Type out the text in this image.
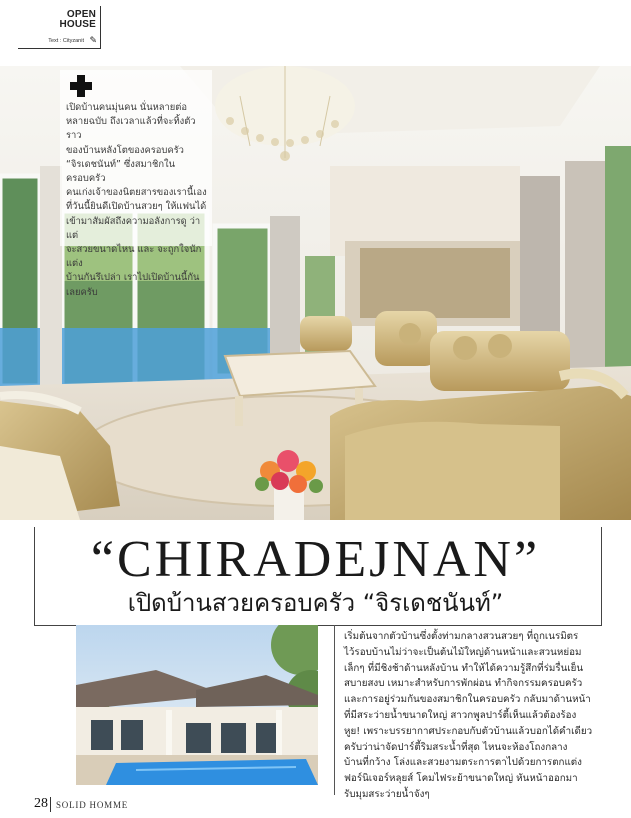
OPEN
HOUSE
Text : Cityzanit ✎
เปิดบ้านคนมุ่นคน นั่นหลายต่อ
หลายฉบับ ถึงเวลาแล้วที่จะทิ้งตัวราว
ของบ้านหลังโตของครอบครัว
“จิรเดชนันท์” ซึ่งสมาชิกในครอบครัว
คนเก่งเจ้าของนิตยสารของเรานี้เอง
ที่วันนี้ยินดีเปิดบ้านสวยๆ ให้แฟนได้
เข้ามาสัมผัสถึงความอลังการดู ว่าแต่
จะสวยขนาดไหน และ จะถูกใจนักแต่ง
บ้านกันรึเปล่า เราไปเปิดบ้านนี้กัน
เลยครับ
“CHIRADEJNAN”
เปิดบ้านสวยครอบครัว “จิรเดชนันท์”
เริ่มต้นจากตัวบ้านซึ่งตั้งท่ามกลางสวนสวยๆ ที่ถูกเนรมิตร
ไว้รอบบ้านไม่ว่าจะเป็นต้นไม้ใหญ่ด้านหน้าและสวนหย่อม
เล็กๆ ที่มีชิงช้าด้านหลังบ้าน ทำให้ได้ความรู้สึกที่ร่มรื่นเย็น
สบายสงบ เหมาะสำหรับการพักผ่อน ทำกิจกรรมครอบครัว
และการอยู่ร่วมกันของสมาชิกในครอบครัว กลับมาด้านหน้า
ที่มีสระว่ายน้ำขนาดใหญ่ สาวกพูลปาร์ตี้เห็นแล้วต้องร้อง
หูย! เพราะบรรยากาศประกอบกับตัวบ้านแล้วบอกได้คำเดียว
ครับว่าน่าจัดปาร์ตี้ริมสระน้ำที่สุด ไหนจะห้องโถงกลาง
บ้านที่กว้าง โล่งและสวยงามตระการตาไปด้วยการตกแต่ง
ฟอร์นิเจอร์หลุยส์ โคมไฟระย้าขนาดใหญ่ หันหน้าออกมา
รับมุมสระว่ายน้ำจังๆ
28 SOLID HOMME
